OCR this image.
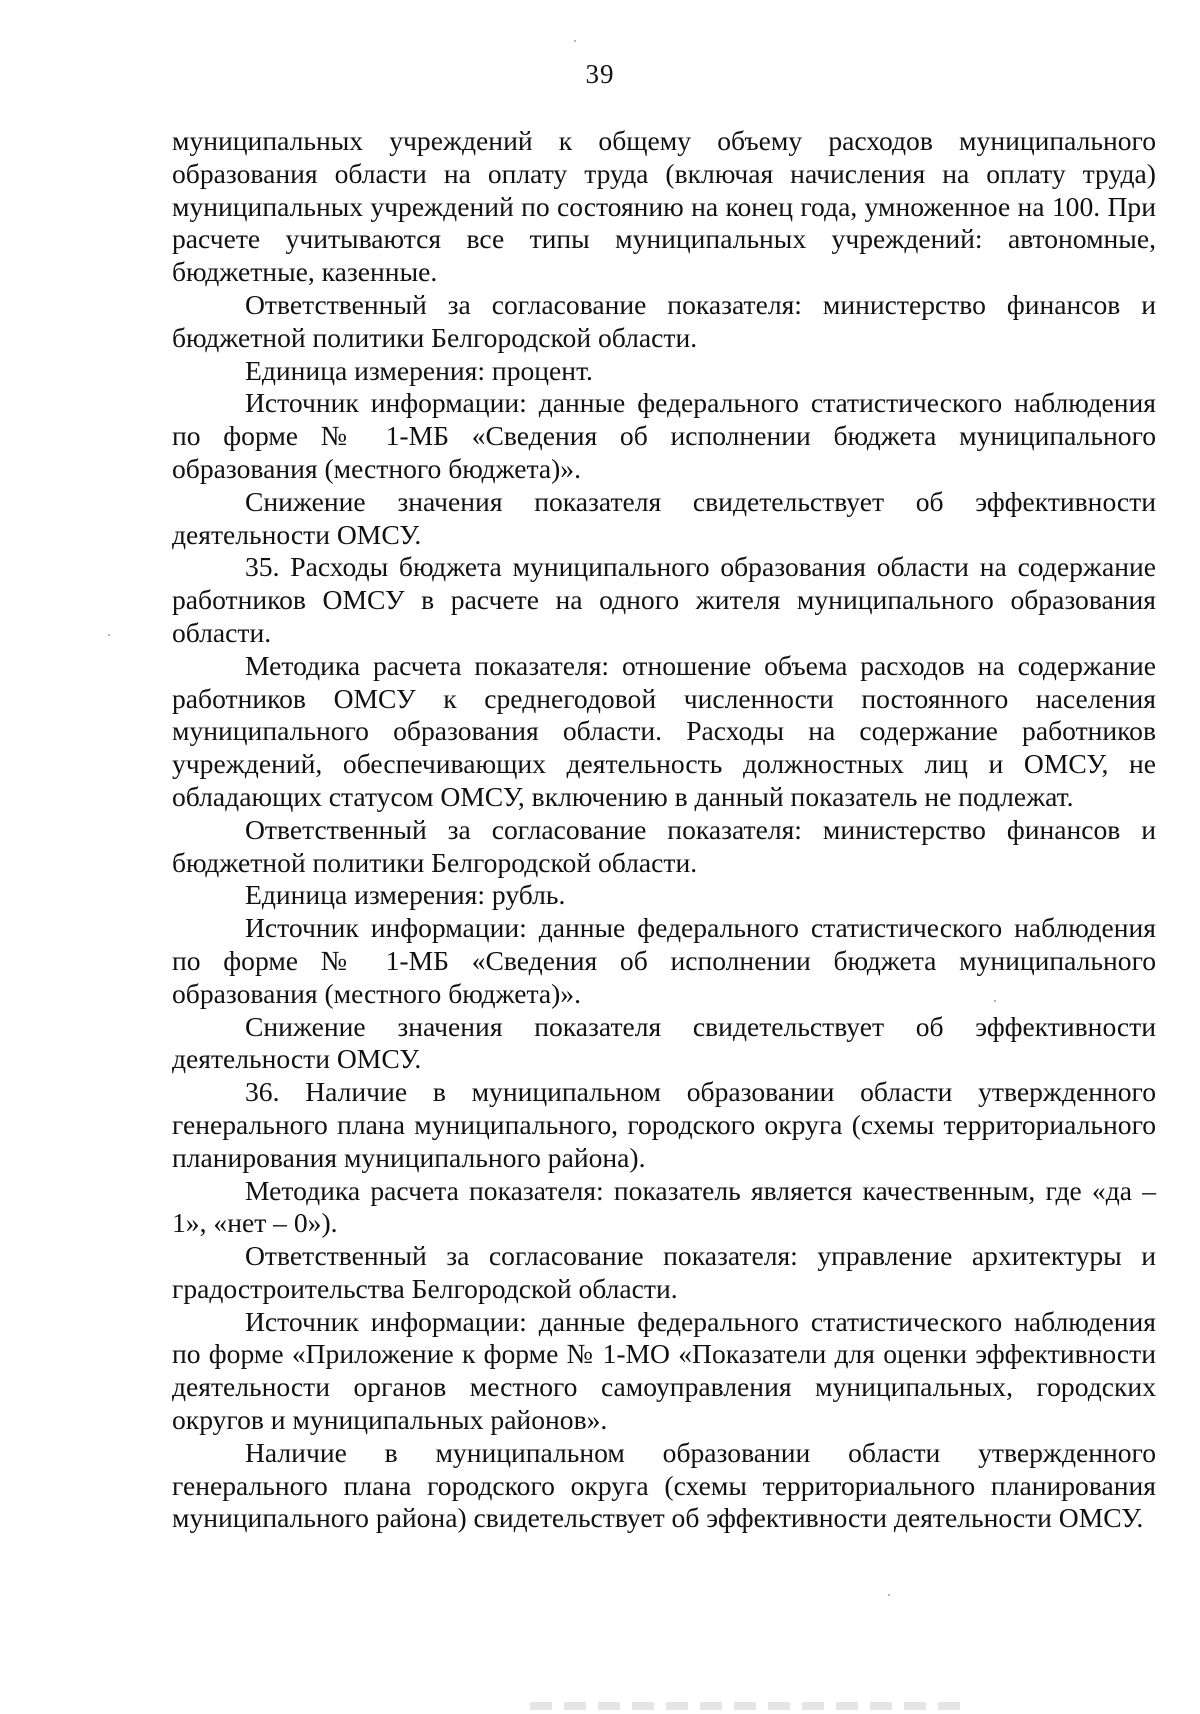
39

муниципальных учреждений к общему объему расходов муниципального образования области на оплату труда (включая начисления на оплату труда) муниципальных учреждений по состоянию на конец года, умноженное на 100. При расчете учитываются все типы муниципальных учреждений: автономные, бюджетные, казенные.

Ответственный за согласование показателя: министерство финансов и бюджетной политики Белгородской области.

Единица измерения: процент.

Источник информации: данные федерального статистического наблюдения по форме № 1-МБ «Сведения об исполнении бюджета муниципального образования (местного бюджета)».

Снижение значения показателя свидетельствует об эффективности деятельности ОМСУ.

35. Расходы бюджета муниципального образования области на содержание работников ОМСУ в расчете на одного жителя муниципального образования области.

Методика расчета показателя: отношение объема расходов на содержание работников ОМСУ к среднегодовой численности постоянного населения муниципального образования области. Расходы на содержание работников учреждений, обеспечивающих деятельность должностных лиц и ОМСУ, не обладающих статусом ОМСУ, включению в данный показатель не подлежат.

Ответственный за согласование показателя: министерство финансов и бюджетной политики Белгородской области.

Единица измерения: рубль.

Источник информации: данные федерального статистического наблюдения по форме № 1-МБ «Сведения об исполнении бюджета муниципального образования (местного бюджета)».

Снижение значения показателя свидетельствует об эффективности деятельности ОМСУ.

36. Наличие в муниципальном образовании области утвержденного генерального плана муниципального, городского округа (схемы территориального планирования муниципального района).

Методика расчета показателя: показатель является качественным, где «да – 1», «нет – 0»).

Ответственный за согласование показателя: управление архитектуры и градостроительства Белгородской области.

Источник информации: данные федерального статистического наблюдения по форме «Приложение к форме № 1-МО «Показатели для оценки эффективности деятельности органов местного самоуправления муниципальных, городских округов и муниципальных районов».

Наличие в муниципальном образовании области утвержденного генерального плана городского округа (схемы территориального планирования муниципального района) свидетельствует об эффективности деятельности ОМСУ.
